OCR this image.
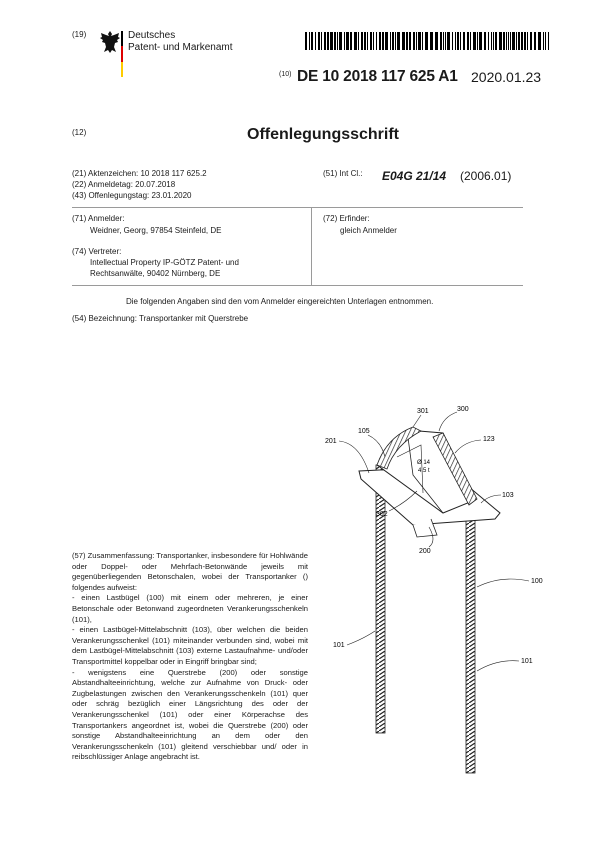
(19)	Deutsches
Patent- und Markenamt
(10) DE 10 2018 117 625 A1 2020.01.23
(12)	Offenlegungsschrift
(21) Aktenzeichen: 10 2018 117 625.2
(22) Anmeldetag: 20.07.2018
(43) Offenlegungstag: 23.01.2020
(51) Int Cl.: E04G 21/14 (2006.01)
(71) Anmelder:
Weidner, Georg, 97854 Steinfeld, DE
(74) Vertreter:
Intellectual Property IP-GÖTZ Patent- und
Rechtsanwälte, 90402 Nürnberg, DE
(72) Erfinder:
gleich Anmelder
Die folgenden Angaben sind den vom Anmelder eingereichten Unterlagen entnommen.
(54) Bezeichnung: Transportanker mit Querstrebe
(57) Zusammenfassung: Transportanker, insbesondere für Hohlwände oder Doppel- oder Mehrfach-Betonwände jeweils mit gegenüberliegenden Betonschalen, wobei der Transportanker () folgendes aufweist:
- einen Lastbügel (100) mit einem oder mehreren, je einer Betonschale oder Betonwand zugeordneten Verankerungsschenkeln (101),
- einen Lastbügel-Mittelabschnitt (103), über welchen die beiden Verankerungsschenkel (101) miteinander verbunden sind, wobei mit dem Lastbügel-Mittelabschnitt (103) externe Lastaufnahme- und/oder Transportmittel koppelbar oder in Eingriff bringbar sind;
- wenigstens eine Querstrebe (200) oder sonstige Abstandhalteeinrichtung, welche zur Aufnahme von Druck- oder Zugbelastungen zwischen den Verankerungsschenkeln (101) quer oder schräg bezüglich einer Längsrichtung des oder der Verankerungsschenkel (101) oder einer Körperachse des Transportankers angeordnet ist, wobei die Querstrebe (200) oder sonstige Abstandhalteeinrichtung an dem oder den Verankerungsschenkeln (101) gleitend verschiebbar und/ oder in reibschlüssiger Anlage angebracht ist.
Ø 14
4.5 t
301	300
105
201	123
103
302
200
100
101
101
